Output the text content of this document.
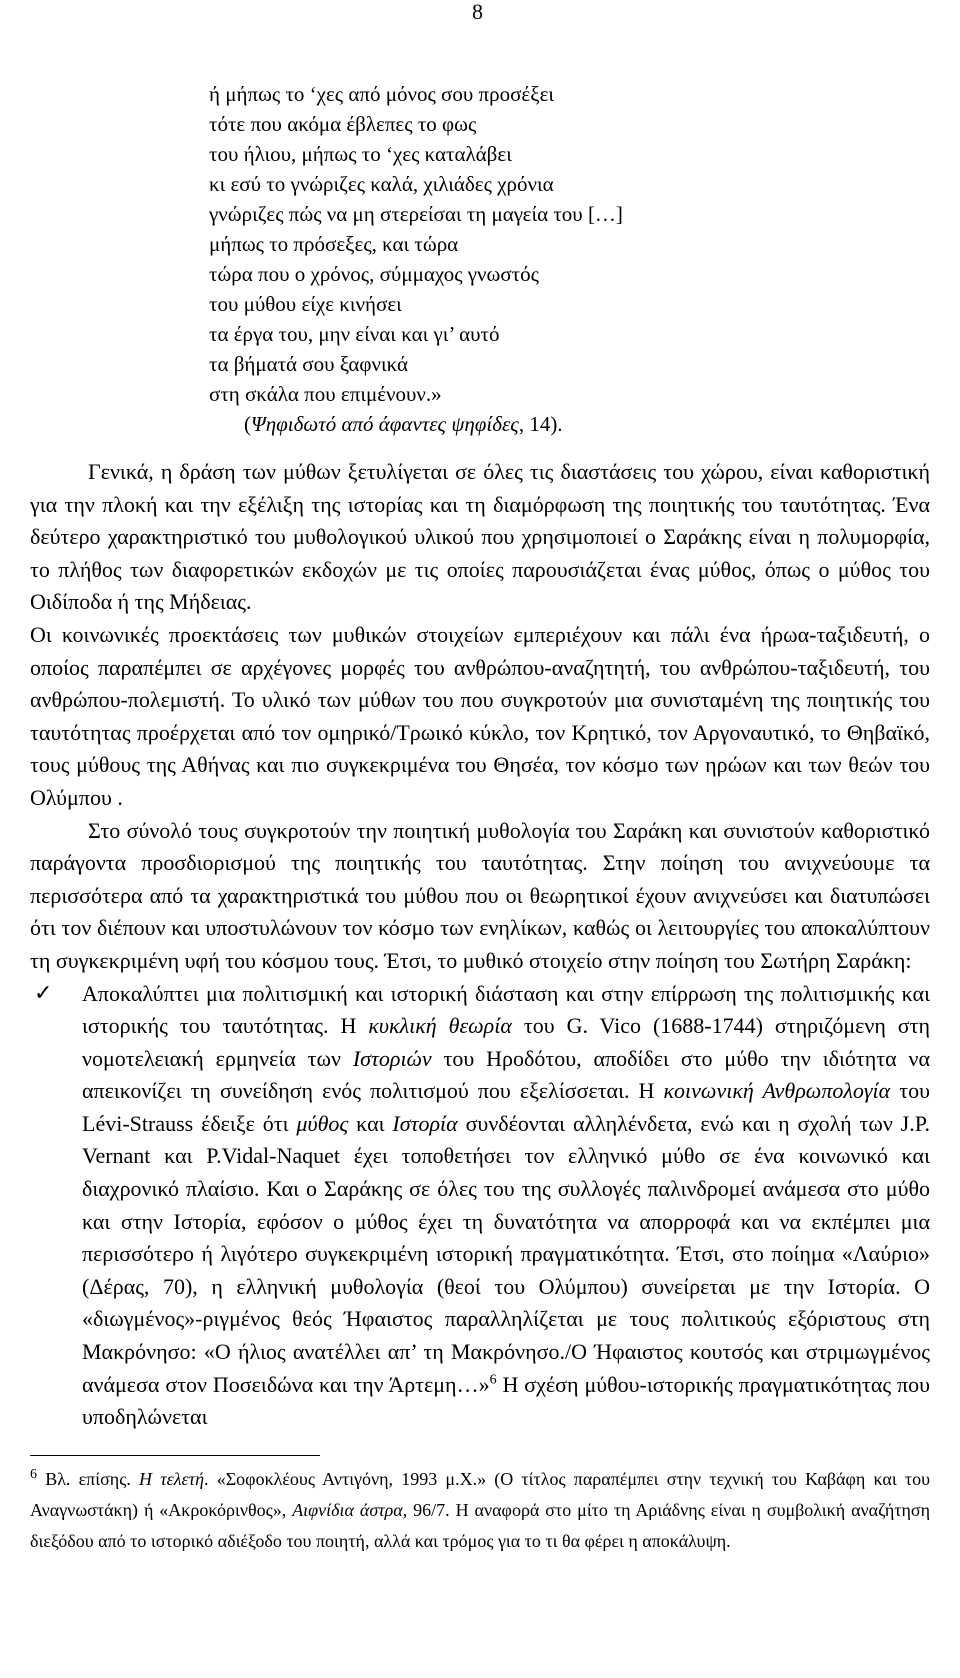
8
ή μήπως το ‘χες από μόνος σου προσέξει
τότε που ακόμα έβλεπες το φως
του ήλιου, μήπως το ‘χες καταλάβει
κι εσύ το γνώριζες καλά, χιλιάδες χρόνια
γνώριζες πώς να μη στερείσαι τη μαγεία του […]
μήπως το πρόσεξες, και τώρα
τώρα που ο χρόνος, σύμμαχος γνωστός
του μύθου είχε κινήσει
τα έργα του, μην είναι και γι’ αυτό
τα βήματά σου ξαφνικά
στη σκάλα που επιμένουν.»
(Ψηφιδωτό από άφαντες ψηφίδες, 14).

Γενικά, η δράση των μύθων ξετυλίγεται σε όλες τις διαστάσεις του χώρου, είναι καθοριστική για την πλοκή και την εξέλιξη της ιστορίας και τη διαμόρφωση της ποιητικής του ταυτότητας. Ένα δεύτερο χαρακτηριστικό του μυθολογικού υλικού που χρησιμοποιεί ο Σαράκης είναι η πολυμορφία, το πλήθος των διαφορετικών εκδοχών με τις οποίες παρουσιάζεται ένας μύθος, όπως ο μύθος του Οιδίποδα ή της Μήδειας.

Οι κοινωνικές προεκτάσεις των μυθικών στοιχείων εμπεριέχουν και πάλι ένα ήρωα-ταξιδευτή, ο οποίος παραπέμπει σε αρχέγονες μορφές του ανθρώπου-αναζητητή, του ανθρώπου-ταξιδευτή, του ανθρώπου-πολεμιστή. Το υλικό των μύθων του που συγκροτούν μια συνισταμένη της ποιητικής του ταυτότητας προέρχεται από τον ομηρικό/Τρωικό κύκλο, τον Κρητικό, τον Αργοναυτικό, το Θηβαϊκό, τους μύθους της Αθήνας και πιο συγκεκριμένα του Θησέα, τον κόσμο των ηρώων και των θεών του Ολύμπου .

Στο σύνολό τους συγκροτούν την ποιητική μυθολογία του Σαράκη και συνιστούν καθοριστικό παράγοντα προσδιορισμού της ποιητικής του ταυτότητας. Στην ποίηση του ανιχνεύουμε τα περισσότερα από τα χαρακτηριστικά του μύθου που οι θεωρητικοί έχουν ανιχνεύσει και διατυπώσει ότι τον διέπουν και υποστυλώνουν τον κόσμο των ενηλίκων, καθώς οι λειτουργίες του αποκαλύπτουν τη συγκεκριμένη υφή του κόσμου τους. Έτσι, το μυθικό στοιχείο στην ποίηση του Σωτήρη Σαράκη:

✓ Αποκαλύπτει μια πολιτισμική και ιστορική διάσταση και στην επίρρωση της πολιτισμικής και ιστορικής του ταυτότητας. Η κυκλική θεωρία του G. Vico (1688-1744) στηριζόμενη στη νομοτελειακή ερμηνεία των Ιστοριών του Ηροδότου, αποδίδει στο μύθο την ιδιότητα να απεικονίζει τη συνείδηση ενός πολιτισμού που εξελίσσεται. Η κοινωνική Ανθρωπολογία του Lévi-Strauss έδειξε ότι μύθος και Ιστορία συνδέονται αλληλένδετα, ενώ και η σχολή των J.P. Vernant και P.Vidal-Naquet έχει τοποθετήσει τον ελληνικό μύθο σε ένα κοινωνικό και διαχρονικό πλαίσιο. Και ο Σαράκης σε όλες του της συλλογές παλινδρομεί ανάμεσα στο μύθο και στην Ιστορία, εφόσον ο μύθος έχει τη δυνατότητα να απορροφά και να εκπέμπει μια περισσότερο ή λιγότερο συγκεκριμένη ιστορική πραγματικότητα. Έτσι, στο ποίημα «Λαύριο» (Δέρας, 70), η ελληνική μυθολογία (θεοί του Ολύμπου) συνείρεται με την Ιστορία. Ο «διωγμένος»-ριγμένος θεός Ήφαιστος παραλληλίζεται με τους πολιτικούς εξόριστους στη Μακρόνησο: «Ο ήλιος ανατέλλει απ’ τη Μακρόνησο./Ο Ήφαιστος κουτσός και στριμωγμένος ανάμεσα στον Ποσειδώνα και την Άρτεμη…»$^6$ Η σχέση μύθου-ιστορικής πραγματικότητας που υποδηλώνεται

$^6$ Βλ. επίσης. Η τελετή. «Σοφοκλέους Αντιγόνη, 1993 μ.Χ.» (Ο τίτλος παραπέμπει στην τεχνική του Καβάφη και του Αναγνωστάκη) ή «Ακροκόρινθος», Αιφνίδια άστρα, 96/7. Η αναφορά στο μίτο τη Αριάδνης είναι η συμβολική αναζήτηση διεξόδου από το ιστορικό αδιέξοδο του ποιητή, αλλά και τρόμος για το τι θα φέρει η αποκάλυψη.
